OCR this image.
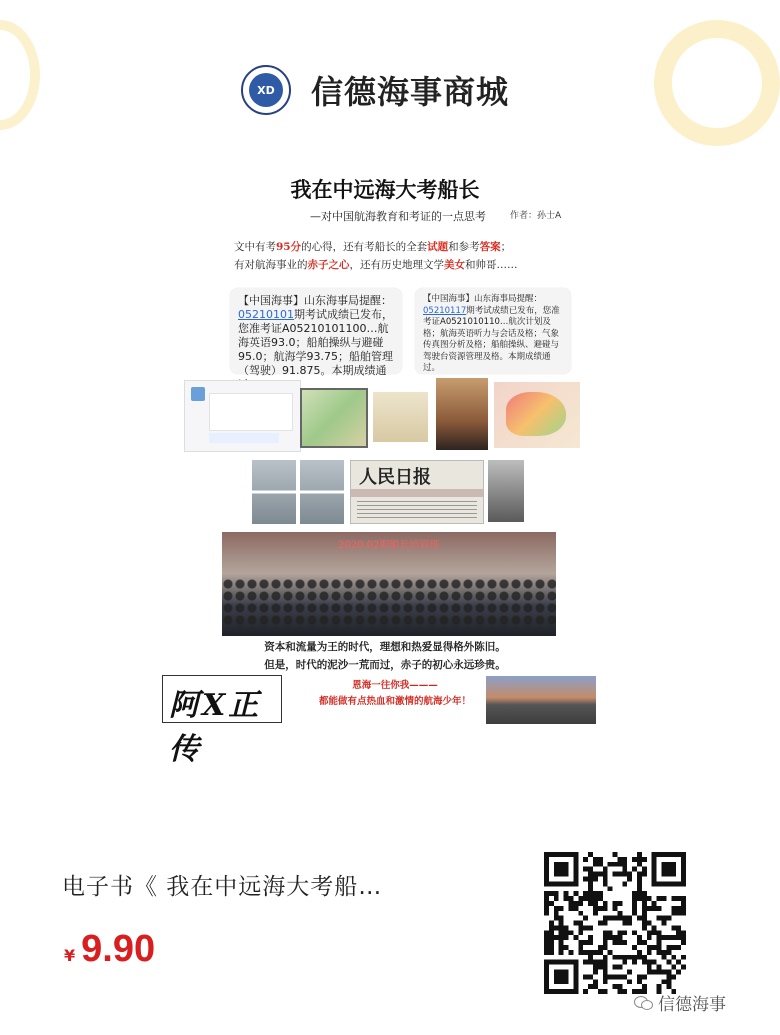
XD 信德海事商城
我在中远海大考船长
—对中国航海教育和考证的一点思考	作者：孙士A
文中有考95分的心得，还有考船长的全套试题和参考答案；
有对航海事业的赤子之心，还有历史地理文学美女和帅哥……
【中国海事】山东海事局提醒：05210101期考试成绩已发布，您准考证A05210101100…航海英语93.0；船舶操纵与避碰95.0；航海学93.75；船舶管理（驾驶）91.875。本期成绩通
【中国海事】山东海事局提醒：05210117期考试成绩已发布，您准考证A0521010110…航次计划及格；航海英语听力与会话及格；气象传真图分析及格；船舶操纵、避碰与驾驶台资源管理及格。本期成绩通过。
人民日报
2020.02期船长培训班
资本和流量为王的时代，理想和热爱显得格外陈旧。
但是，时代的泥沙一荒而过，赤子的初心永远珍贵。
阿X正传
恩海一往你我———
都能做有点热血和激情的航海少年！
电子书《 我在中远海大考船…
¥ 9.90
信德海事
